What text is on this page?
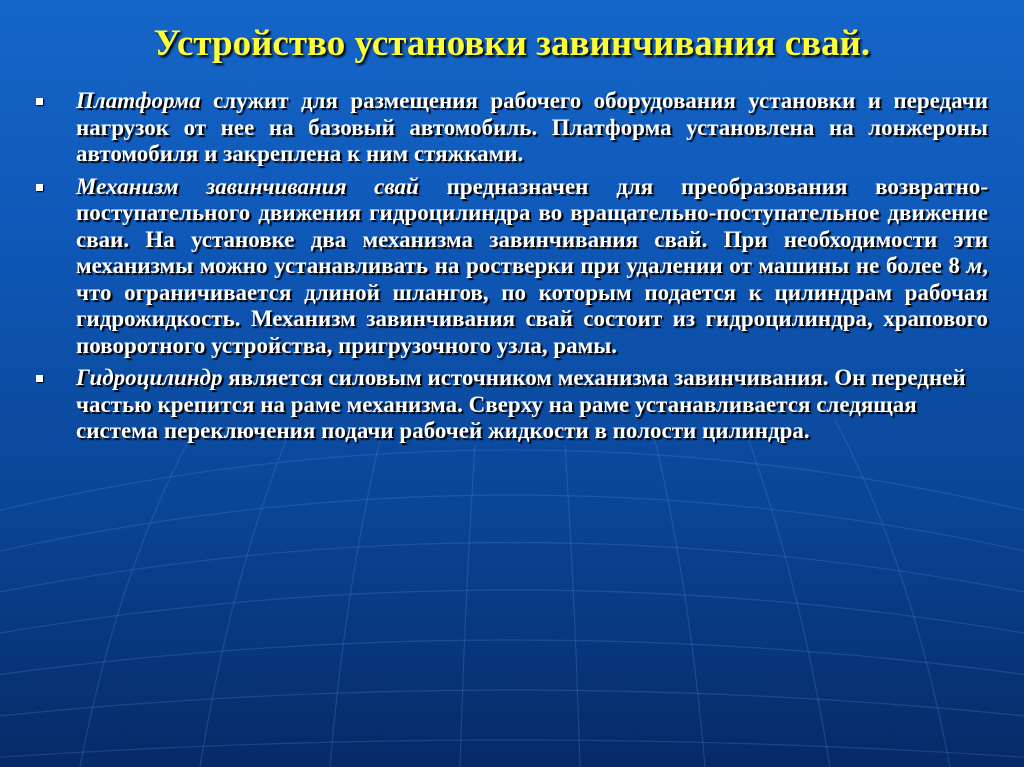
Устройство установки завинчивания свай.
Платформа служит для размещения рабочего оборудования установки и передачи нагрузок от нее на базовый автомобиль. Платформа установлена на лонжероны автомобиля и закреплена к ним стяжками.
Механизм завинчивания свай предназначен для преобразования возвратно-поступательного движения гидроцилиндра во вращательно-поступательное движение сваи. На установке два механизма завинчивания свай. При необходимости эти механизмы можно устанавливать на ростверки при удалении от машины не более 8 м, что ограничивается длиной шлангов, по которым подается к цилиндрам рабочая гидрожидкость. Механизм завинчивания свай состоит из гидроцилиндра, храпового поворотного устройства, пригрузочного узла, рамы.
Гидроцилиндр является силовым источником механизма завинчивания. Он передней частью крепится на раме механизма. Сверху на раме устанавливается следящая система переключения подачи рабочей жидкости в полости цилиндра.
